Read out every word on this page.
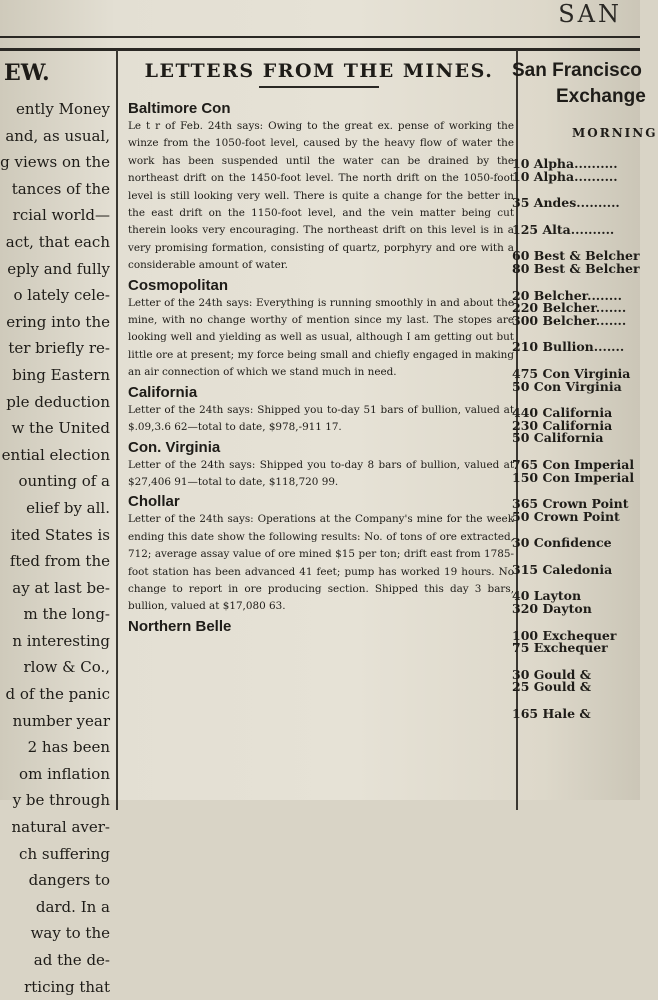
SAN
EW.
ently Money
and, as usual,
g views on the
tances of the
rcial world—
act, that each
eply and fully
o lately cele-
ering into the
ter briefly re-
bing Eastern
ple deduction
w the United
ential election
ounting of a
elief by all.
ited States is
fted from the
ay at last be-
m the long-
n interesting
rlow & Co.,
d of the panic
number year
2 has been
om inflation
y be through
natural aver-
ch suffering
dangers to
dard. In a
way to the
ad the de-
rticing that
LETTERS FROM THE MINES.
Baltimore Con

Le t r of Feb. 24th says: Owing to the great ex. pense of working the winze from the 1050-foot level, caused by the heavy flow of water the work has been suspended until the water can be drained by the northeast drift on the 1450-foot level. The north drift on the 1050-foot level is still looking very well. There is quite a change for the better in the east drift on the 1150-foot level, and the vein matter being cut therein looks very encouraging. The northeast drift on this level is in a very promising formation, consisting of quartz, porphyry and ore with a considerable amount of water.

Cosmopolitan

Letter of the 24th says: Everything is running smoothly in and about the mine, with no change worthy of mention since my last. The stopes are looking well and yielding as well as usual, although I am getting out but little ore at present; my force being small and chiefly engaged in making an air connection of which we stand much in need.

California

Letter of the 24th says: Shipped you to-day 51 bars of bullion, valued at $.09,3.6 62—total to date, $978,-911 17.

Con. Virginia

Letter of the 24th says: Shipped you to-day 8 bars of bullion, valued at $27,406 91—total to date, $118,720 99.

Chollar

Letter of the 24th says: Operations at the Company's mine for the week ending this date show the following results: No. of tons of ore extracted, 712; average assay value of ore mined $15 per ton; drift east from 1785-foot station has been advanced 41 feet; pump has worked 19 hours. No change to report in ore producing section. Shipped this day 3 bars, bullion, valued at $17,080 63.

Northern Belle
San Francisco
Exchange
MORNING
10 Alpha..........
10 Alpha..........
35 Andes..........
125 Alta..........
60 Best & Belcher
80 Best & Belcher
20 Belcher........
220 Belcher.......
300 Belcher.......
210 Bullion.......
475 Con Virginia
50 Con Virginia
440 California
230 California
50 California
765 Con Imperial
150 Con Imperial
365 Crown Point
50 Crown Point
30 Confidence
315 Caledonia
40 Layton
320 Dayton
100 Exchequer
75 Exchequer
30 Gould &
25 Gould &
165 Hale &
